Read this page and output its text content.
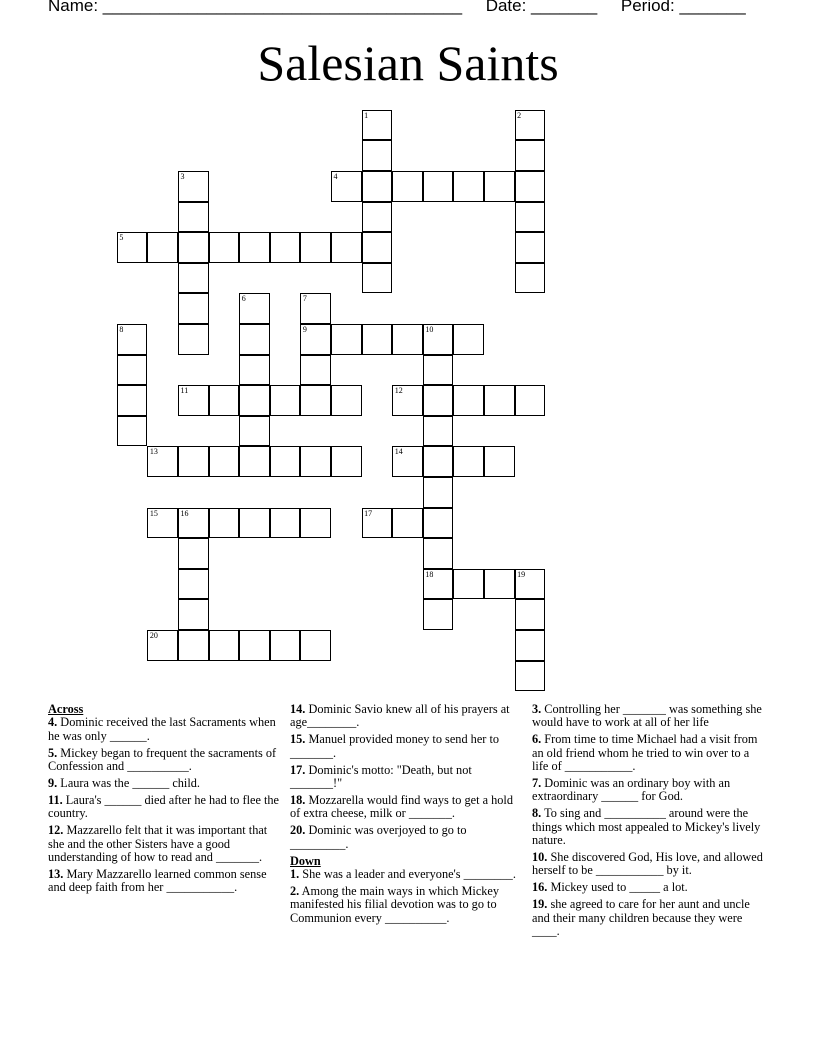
Name: ______________________________________ Date: _______ Period: _______
Salesian Saints
1	2
3	4
5
6	7
9
8	10
18
11	12
13	14
15	16	17
19
20
Across
4. Dominic received the last Sacraments when he was only ______.
5. Mickey began to frequent the sacraments of Confession and __________.
9. Laura was the ______ child.
11. Laura's ______ died after he had to flee the country.
12. Mazzarello felt that it was important that she and the other Sisters have a good understanding of how to read and _______.
13. Mary Mazzarello learned common sense and deep faith from her ___________.
14. Dominic Savio knew all of his prayers at age________.
15. Manuel provided money to send her to _______.
17. Dominic's motto: "Death, but not _______!"
18. Mozzarella would find ways to get a hold of extra cheese, milk or _______.
20. Dominic was overjoyed to go to _________.
Down
1. She was a leader and everyone's ________.
2. Among the main ways in which Mickey manifested his filial devotion was to go to Communion every __________.
3. Controlling her _______ was something she would have to work at all of her life
6. From time to time Michael had a visit from an old friend whom he tried to win over to a life of ___________.
7. Dominic was an ordinary boy with an extraordinary ______ for God.
8. To sing and __________ around were the things which most appealed to Mickey's lively nature.
10. She discovered God, His love, and allowed herself to be ___________ by it.
16. Mickey used to _____ a lot.
19. she agreed to care for her aunt and uncle and their many children because they were ____.
